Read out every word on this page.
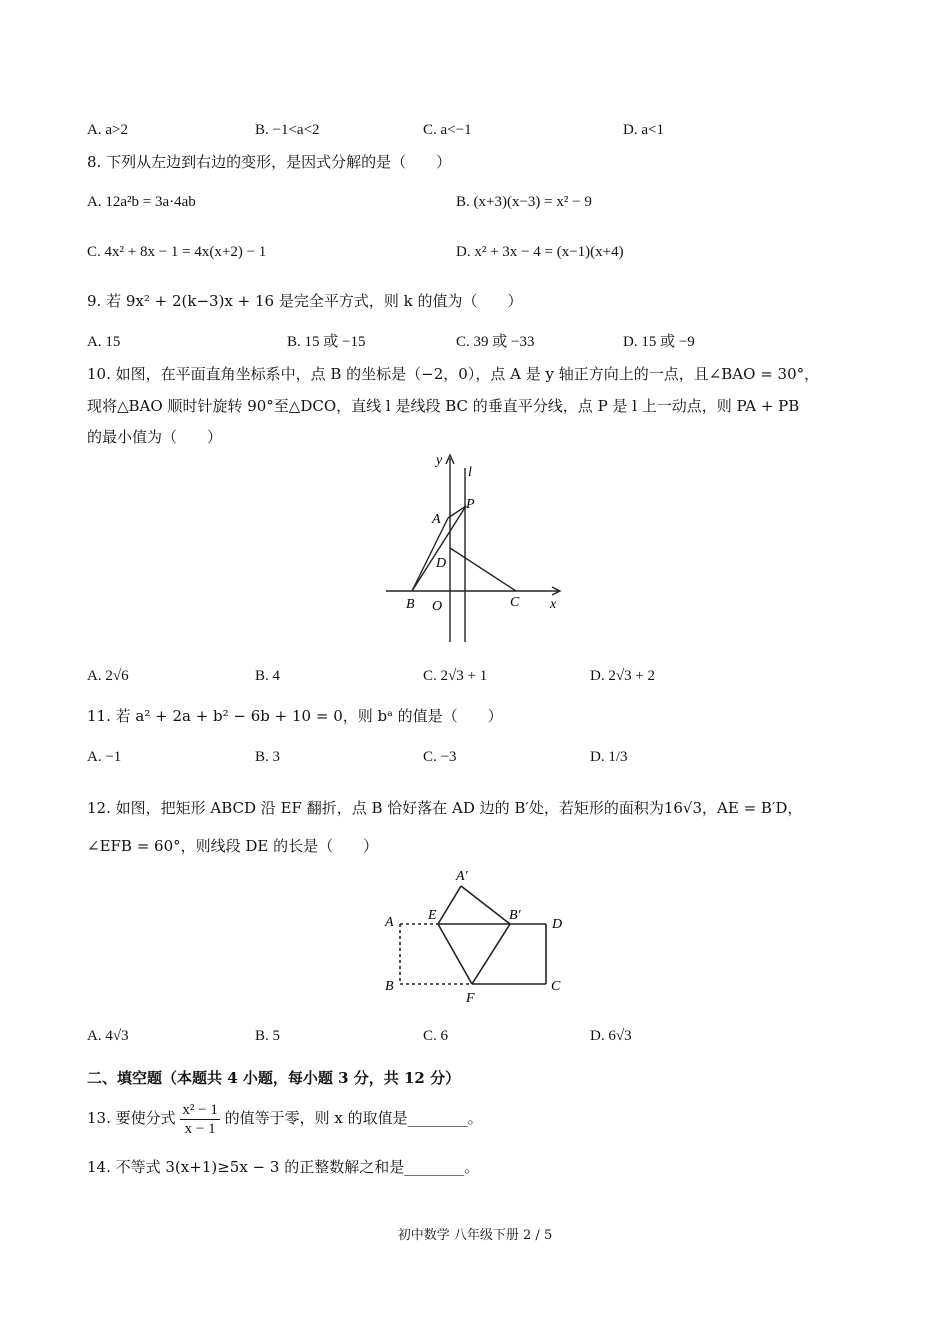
A. a>2	B. −1<a<2	C. a<−1	D. a<1
8. 下列从左边到右边的变形，是因式分解的是（　　）
A. 12a²b = 3a·4ab	B. (x+3)(x−3) = x² − 9
C. 4x² + 8x − 1 = 4x(x+2) − 1	D. x² + 3x − 4 = (x−1)(x+4)
9. 若 9x² + 2(k−3)x + 16 是完全平方式，则 k 的值为（　　）
A. 15	B. 15 或 −15	C. 39 或 −33	D. 15 或 −9
10. 如图，在平面直角坐标系中，点 B 的坐标是（−2，0），点 A 是 y 轴正方向上的一点，且∠BAO = 30°，
现将△BAO 顺时针旋转 90°至△DCO，直线 l 是线段 BC 的垂直平分线，点 P 是 l 上一动点，则 PA + PB
的最小值为（　　）
y
l
P
A
D
B O	C x
A. 2√6	B. 4	C. 2√3 + 1	D. 2√3 + 2
11. 若 a² + 2a + b² − 6b + 10 = 0，则 bᵃ 的值是（　　）
A. −1	B. 3	C. −3	D. 1/3
12. 如图，把矩形 ABCD 沿 EF 翻折，点 B 恰好落在 AD 边的 B′处，若矩形的面积为16√3，AE = B′D，
∠EFB = 60°，则线段 DE 的长是（　　）
A′
A E	B′
D
B
F
C
A. 4√3	B. 5	C. 6	D. 6√3
二、填空题（本题共 4 小题，每小题 3 分，共 12 分）
13. 要使分式 $\frac{\text{x² − 1}}{x - 1}$ 的值等于零，则 x 的取值是________。
14. 不等式 3(x+1)≥5x − 3 的正整数解之和是________。
初中数学 八年级下册 2 / 5
